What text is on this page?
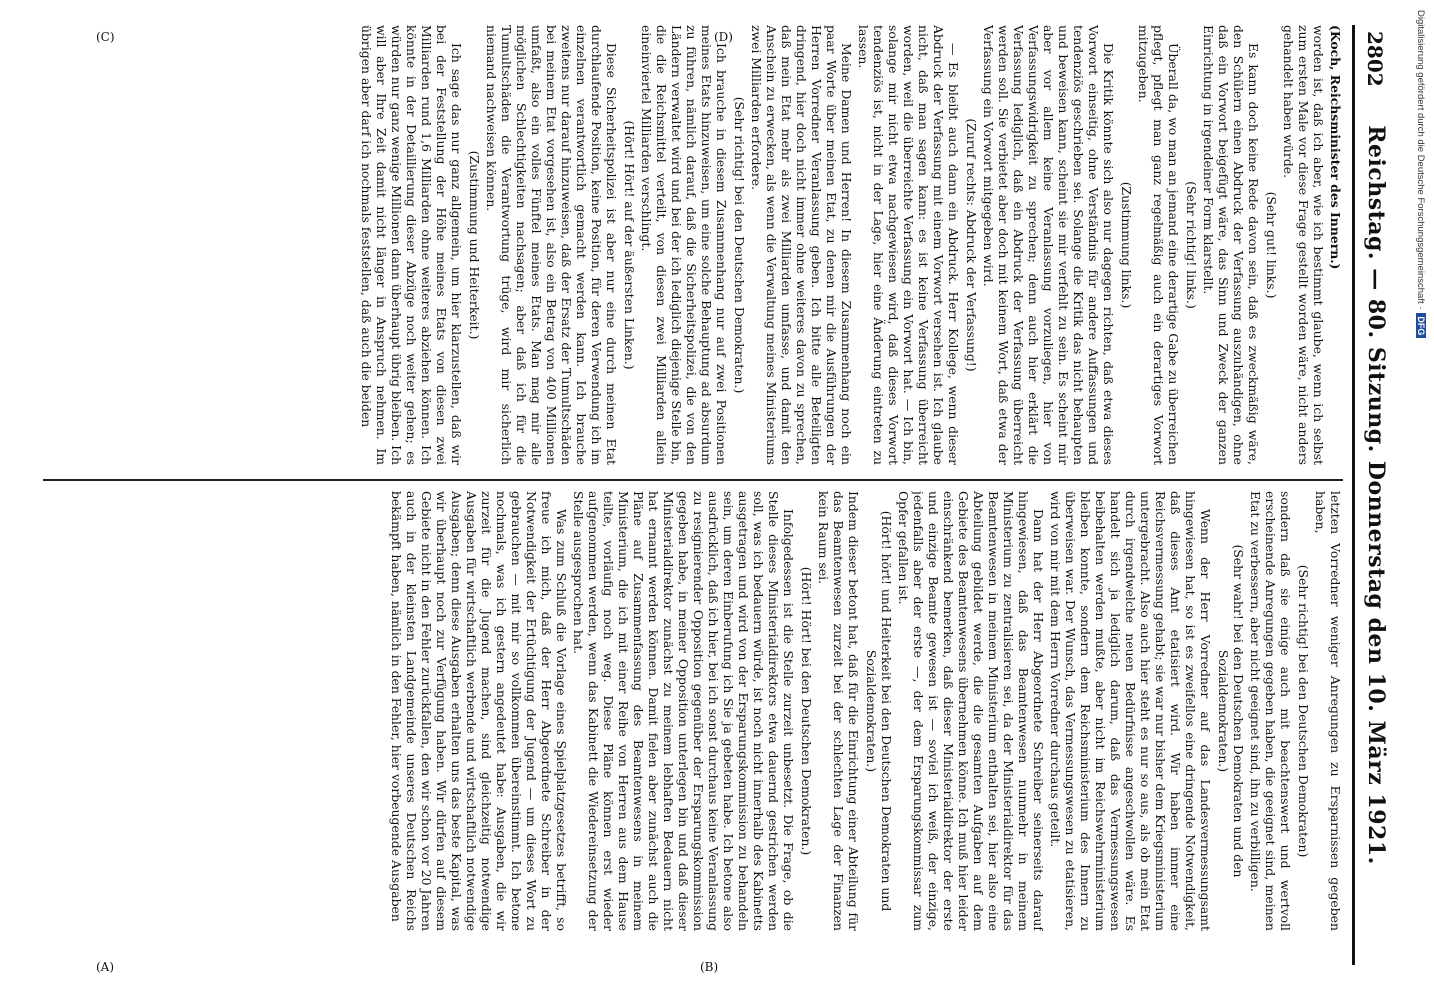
2802
Reichstag. — 80. Sitzung. Donnerstag den 10. März 1921.

(Koch, Reichsminister des Innern.)

worden ist, daß ich aber, wie ich bestimmt glaube, wenn ich selbst zum ersten Male vor diese Frage gestellt worden wäre, nicht anders gehandelt haben würde.

(Sehr gut! links.)

Es kann doch keine Rede davon sein, daß es zweckmäßig wäre, den Schülern einen Abdruck der Verfassung auszuhändigen, ohne daß ein Vorwort beigefügt wäre, das Sinn und Zweck der ganzen Einrichtung in irgendeiner Form klarstellt.

(Sehr richtig! links.)

Überall da, wo man an jemand eine derartige Gabe zu überreichen pflegt, pflegt man ganz regelmäßig auch ein derartiges Vorwort mitzugeben.

(Zustimmung links.)

Die Kritik könnte sich also nur dagegen richten, daß etwa dieses Vorwort einseitig, ohne Verständnis für andere Auffassungen und tendenziös geschrieben sei. Solange die Kritik das nicht behaupten und beweisen kann, scheint sie mir verfehlt zu sein. Es scheint mir aber vor allem keine Veranlassung vorzuliegen, hier von Verfassungswidrigkeit zu sprechen; denn auch hier erklärt die Verfassung lediglich, daß ein Abdruck der Verfassung überreicht werden soll. Sie verbietet aber doch mit keinem Wort, daß etwa der Verfassung ein Vorwort mitgegeben wird.

(Zuruf rechts: Abdruck der Verfassung!)

— Es bleibt auch dann ein Abdruck. Herr Kollege, wenn dieser Abdruck der Verfassung mit einem Vorwort versehen ist. Ich glaube nicht, daß man sagen kann: es ist keine Verfassung überreicht worden, weil die überreichte Verfassung ein Vorwort hat. — Ich bin, solange mir nicht etwa nachgewiesen wird, daß dieses Vorwort tendenziös ist, nicht in der Lage, hier eine Änderung eintreten zu lassen.

Meine Damen und Herren! In diesem Zusammenhang noch ein paar Worte über meinen Etat, zu denen mir die Ausführungen der Herren Vorredner Veranlassung geben. Ich bitte alle Beteiligten dringend, hier doch nicht immer ohne weiteres davon zu sprechen, daß mein Etat mehr als zwei Milliarden umfasse, und damit den Anschein zu erwecken, als wenn die Verwaltung meines Ministeriums zwei Milliarden erfordere.

(Sehr richtig! bei den Deutschen Demokraten.)

Ich brauche in diesem Zusammenhang nur auf zwei Positionen meines Etats hinzuweisen, um eine solche Behauptung ad absurdum zu führen, nämlich darauf, daß die Sicherheitspolizei, die von den Ländern verwaltet wird und bei der ich lediglich diejenige Stelle bin, die die Reichsmittel verteilt, von diesen zwei Milliarden allein eineinviertel Milliarden verschlingt.

(Hört! Hört! auf der äußersten Linken.)

Diese Sicherheitspolizei ist aber nur eine durch meinen Etat durchlaufende Position, keine Position, für deren Verwendung ich im einzelnen verantwortlich gemacht werden kann. Ich brauche zweitens nur darauf hinzuweisen, daß der Ersatz der Tumultschäden bei meinem Etat vorgesehen ist, also ein Betrag von 400 Millionen umfaßt, also ein volles Fünftel meines Etats. Man mag mir alle möglichen Schlechtigkeiten nachsagen; aber daß ich für die Tumultschäden die Verantwortung trüge, wird mir sicherlich niemand nachweisen können.

(Zustimmung und Heiterkeit.)

Ich sage das nur ganz allgemein, um hier klarzustellen, daß wir bei der Feststellung der Höhe meines Etats von diesen zwei Milliarden rund 1,6 Milliarden ohne weiteres abziehen können. Ich könnte in der Detaillierung dieser Abzüge noch weiter gehen; es würden nur ganz wenige Millionen dann überhaupt übrig bleiben. Ich will aber Ihre Zeit damit nicht länger in Anspruch nehmen. Im übrigen aber darf ich nochmals feststellen, daß auch die beiden

letzten Vorredner weniger Anregungen zu Ersparnissen gegeben haben,

(Sehr richtig! bei den Deutschen Demokraten)

sondern daß sie einige auch mit beachtenswert und wertvoll erscheinende Anregungen gegeben haben, die geeignet sind, meinen Etat zu verbessern, aber nicht geeignet sind, ihn zu verbilligen.

(Sehr wahr! bei den Deutschen Demokraten und den Sozialdemokraten.)

Wenn der Herr Vorredner auf das Landesvermessungsamt hingewiesen hat, so ist es zweifellos eine dringende Notwendigkeit, daß dieses Amt etatisiert wird. Wir haben immer eine Reichsvermessung gehabt; sie war nur bisher dem Kriegsministerium untergebracht. Also auch hier steht es nur so aus, als ob mein Etat durch irgendwelche neuen Bedürfnisse angeschwollen wäre. Es handelt sich ja lediglich darum, daß das Vermessungswesen beibehalten werden mußte, aber nicht im Reichswehrministerium bleiben konnte, sondern dem Reichsministerium des Innern zu überweisen war. Der Wunsch, das Vermessungswesen zu etatisieren, wird von mir mit dem Herrn Vorredner durchaus geteilt.

Dann hat der Herr Abgeordnete Schreiber seinerseits darauf hingewiesen, daß das Beamtenwesen nunmehr in meinem Ministerium zu zentralisieren sei, da der Ministerialdirektor für das Beamtenwesen in meinem Ministerium enthalten sei, hier also eine Abteilung gebildet werde, die die gesamten Aufgaben auf dem Gebiete des Beamtenwesens übernehmen könne. Ich muß hier leider einschränkend bemerken, daß dieser Ministerialdirektor der erste und einzige Beamte gewesen ist — soviel ich weiß, der einzige, jedenfalls aber der erste —, der dem Ersparungskommissar zum Opfer gefallen ist.

(Hört! hört! und Heiterkeit bei den Deutschen Demokraten und Sozialdemokraten.)

Indem dieser betont hat, daß für die Einrichtung einer Abteilung für das Beamtenwesen zurzeit bei der schlechten Lage der Finanzen kein Raum sei.

(Hört! Hört! bei den Deutschen Demokraten.)

Infolgedessen ist die Stelle zurzeit unbesetzt. Die Frage, ob die Stelle dieses Ministerialdirektors etwa dauernd gestrichen werden soll, was ich bedauern würde, ist noch nicht innerhalb des Kabinetts ausgetragen und wird von der Ersparungskommission zu behandeln sein, um deren Einberufung ich Sie ja gebeten habe. Ich betone also ausdrücklich, daß ich hier, bei ich sonst durchaus keine Veranlassung zu resignierender Opposition gegenüber der Ersparungskommission gegeben habe, in meiner Opposition unterlegen bin und daß dieser Ministerialdirektor zunächst zu meinem lebhaften Bedauern nicht hat ernannt werden können. Damit fielen aber zunächst auch die Pläne auf Zusammenfassung des Beamtenwesens in meinem Ministerium, die ich mit einer Reihe von Herren aus dem Hause teilte, vorläufig noch weg. Diese Pläne können erst wieder aufgenommen werden, wenn das Kabinett die Wiedereinsetzung der Stelle ausgesprochen hat.

Was zum Schluß die Vorlage eines Spielplatzgesetzes betrifft, so freue ich mich, daß der Herr Abgeordnete Schreiber in der Notwendigkeit der Ertüchtigung der Jugend — um dieses Wort zu gebrauchen — mit mir so vollkommen übereinstimmt. Ich betone nochmals, was ich gestern angedeutet habe: Ausgaben, die wir zurzeit für die Jugend machen, sind gleichzeitig notwendige Ausgaben für wirtschaftlich werbende und wirtschaftlich notwendige Ausgaben; denn diese Ausgaben erhalten uns das beste Kapital, was wir überhaupt noch zur Verfügung haben. Wir dürfen auf diesem Gebiete nicht in den Fehler zurückfallen, den wir schon vor 20 Jahren auch in der kleinsten Landgemeinde unseres Deutschen Reichs bekämpft haben, nämlich in den Fehler, hier vorbeugende Ausgaben

(A)	(B)
(C)	(D)	Digitalisierung gefördert durch die Deutsche Forschungsgemeinschaft ·DFG
